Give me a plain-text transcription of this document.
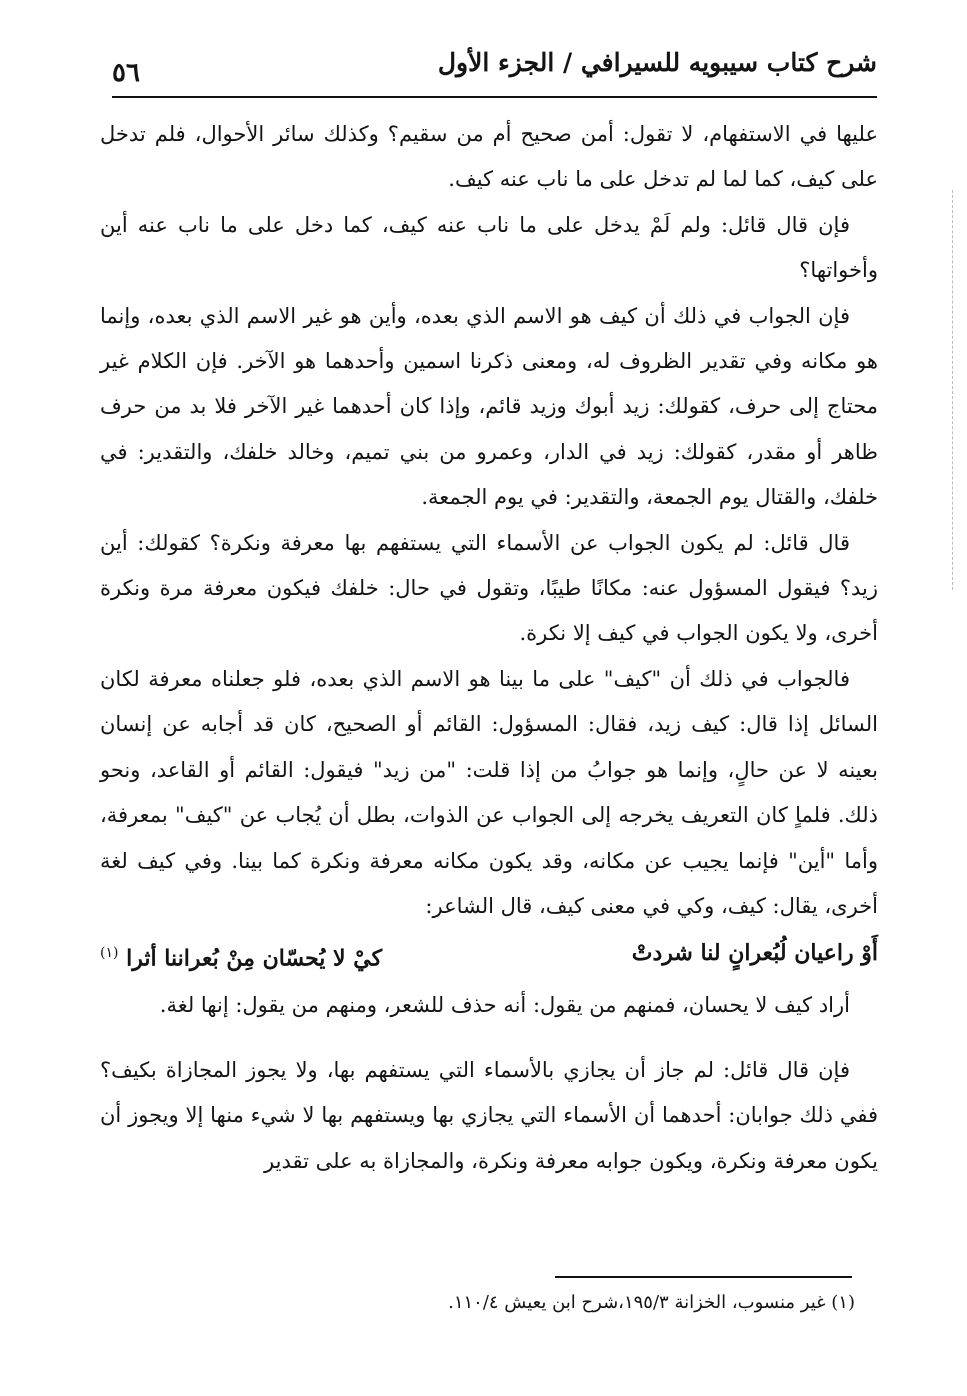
شرح كتاب سيبويه للسيرافي / الجزء الأول
٥٦

عليها في الاستفهام، لا تقول: أمن صحيح أم من سقيم؟ وكذلك سائر الأحوال، فلم تدخل على كيف، كما لما لم تدخل على ما ناب عنه كيف.

فإن قال قائل: ولم لَمْ يدخل على ما ناب عنه كيف، كما دخل على ما ناب عنه أين وأخواتها؟

فإن الجواب في ذلك أن كيف هو الاسم الذي بعده، وأين هو غير الاسم الذي بعده، وإنما هو مكانه وفي تقدير الظروف له، ومعنى ذكرنا اسمين وأحدهما هو الآخر. فإن الكلام غير محتاج إلى حرف، كقولك: زيد أبوك وزيد قائم، وإذا كان أحدهما غير الآخر فلا بد من حرف ظاهر أو مقدر، كقولك: زيد في الدار، وعمرو من بني تميم، وخالد خلفك، والتقدير: في خلفك، والقتال يوم الجمعة، والتقدير: في يوم الجمعة.

قال قائل: لم يكون الجواب عن الأسماء التي يستفهم بها معرفة ونكرة؟ كقولك: أين زيد؟ فيقول المسؤول عنه: مكانًا طيبًا، وتقول في حال: خلفك فيكون معرفة مرة ونكرة أخرى، ولا يكون الجواب في كيف إلا نكرة.

فالجواب في ذلك أن "كيف" على ما بينا هو الاسم الذي بعده، فلو جعلناه معرفة لكان السائل إذا قال: كيف زيد، فقال: المسؤول: القائم أو الصحيح، كان قد أجابه عن إنسان بعينه لا عن حالٍ، وإنما هو جوابُ من إذا قلت: "من زيد" فيقول: القائم أو القاعد، ونحو ذلك. فلماٍ كان التعريف يخرجه إلى الجواب عن الذوات، بطل أن يُجاب عن "كيف" بمعرفة، وأما "أين" فإنما يجيب عن مكانه، وقد يكون مكانه معرفة ونكرة كما بينا. وفي كيف لغة أخرى، يقال: كيف، وكي في معنى كيف، قال الشاعر:

أَوْ راعيان لُبُعرانٍ لنا شردتْ
كيْ لا يُحسّان مِنْ بُعراننا أثرا $^{(١)}$

أراد كيف لا يحسان، فمنهم من يقول: أنه حذف للشعر، ومنهم من يقول: إنها لغة.

فإن قال قائل: لم جاز أن يجازي بالأسماء التي يستفهم بها، ولا يجوز المجازاة بكيف؟ ففي ذلك جوابان: أحدهما أن الأسماء التي يجازي بها ويستفهم بها لا شيء منها إلا ويجوز أن يكون معرفة ونكرة، ويكون جوابه معرفة ونكرة، والمجازاة به على تقدير

(١) غير منسوب، الخزانة ١٩٥/٣،شرح ابن يعيش ١١٠/٤.
